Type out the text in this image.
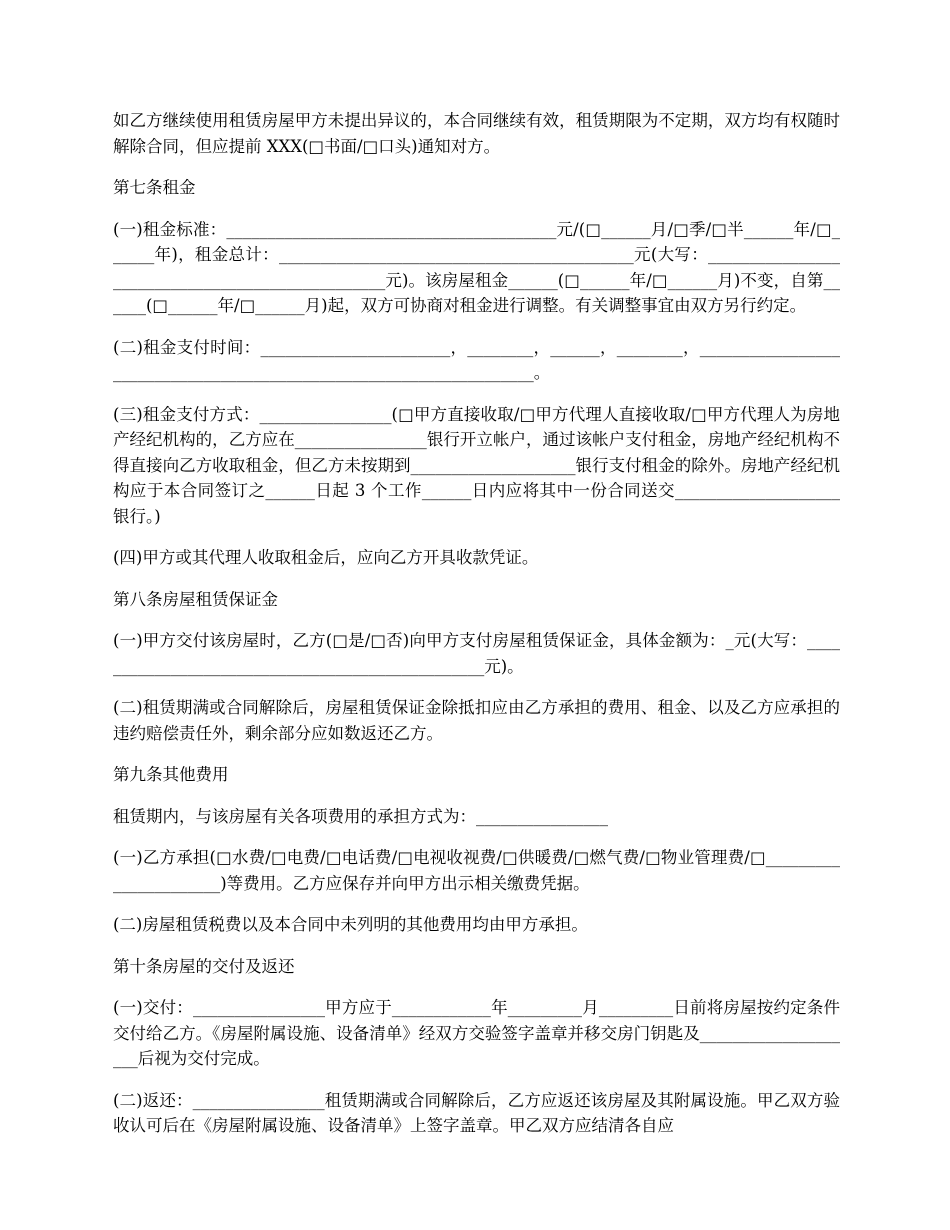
如乙方继续使用租赁房屋甲方未提出异议的，本合同继续有效，租赁期限为不定期，双方均有权随时解除合同，但应提前 XXX(□书面/□口头)通知对方。

第七条租金

(一)租金标准：________________________________________元/(□______月/□季/□半______年/□______年)，租金总计：___________________________________________元(大写：_________________________________________________元)。该房屋租金______(□______年/□______月)不变，自第______(□______年/□______月)起，双方可协商对租金进行调整。有关调整事宜由双方另行约定。

(二)租金支付时间：_______________________，________，______，________，____________________________________________________________________。

(三)租金支付方式：________________(□甲方直接收取/□甲方代理人直接收取/□甲方代理人为房地产经纪机构的，乙方应在________________银行开立帐户，通过该帐户支付租金，房地产经纪机构不得直接向乙方收取租金，但乙方未按期到____________________银行支付租金的除外。房地产经纪机构应于本合同签订之______日起 3 个工作______日内应将其中一份合同送交____________________银行。)

(四)甲方或其代理人收取租金后，应向乙方开具收款凭证。

第八条房屋租赁保证金

(一)甲方交付该房屋时，乙方(□是/□否)向甲方支付房屋租赁保证金，具体金额为：_元(大写：_________________________________________________元)。

(二)租赁期满或合同解除后，房屋租赁保证金除抵扣应由乙方承担的费用、租金、以及乙方应承担的违约赔偿责任外，剩余部分应如数返还乙方。

第九条其他费用

租赁期内，与该房屋有关各项费用的承担方式为：________________

(一)乙方承担(□水费/□电费/□电话费/□电视收视费/□供暖费/□燃气费/□物业管理费/□______________________)等费用。乙方应保存并向甲方出示相关缴费凭据。

(二)房屋租赁税费以及本合同中未列明的其他费用均由甲方承担。

第十条房屋的交付及返还

(一)交付：________________甲方应于____________年_________月_________日前将房屋按约定条件交付给乙方。《房屋附属设施、设备清单》经双方交验签字盖章并移交房门钥匙及____________________后视为交付完成。

(二)返还：________________租赁期满或合同解除后，乙方应返还该房屋及其附属设施。甲乙双方验收认可后在《房屋附属设施、设备清单》上签字盖章。甲乙双方应结清各自应
